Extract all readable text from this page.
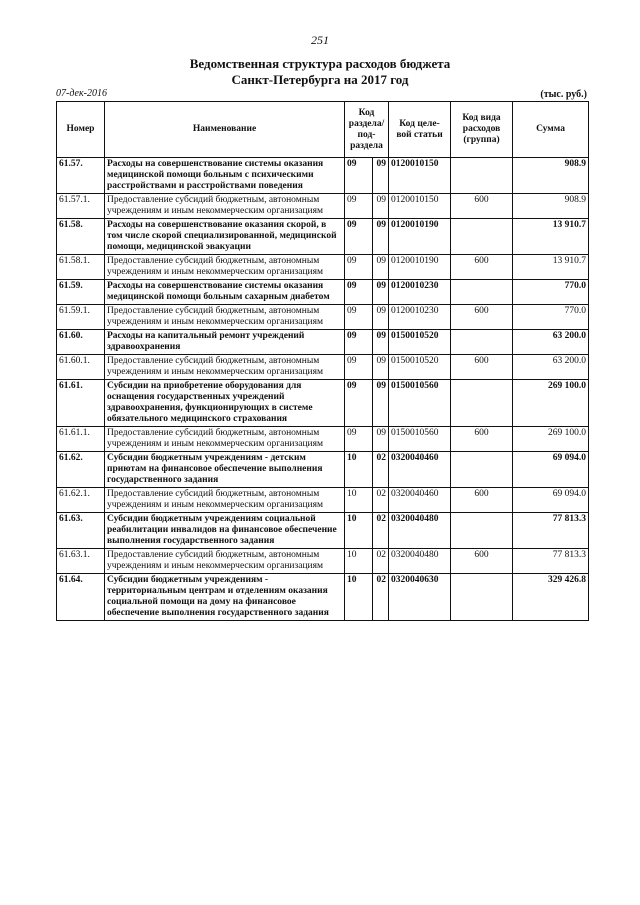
251
Ведомственная структура расходов бюджета
Санкт-Петербурга на 2017 год
07-дек-2016	(тыс. руб.)
Номер	Наименование	Код раздела/ под- раздела		Код целе- вой статьи	Код вида расходов (группа)	Сумма
61.57.	Расходы на совершенствование системы оказания медицинской помощи больным с психическими расстройствами и расстройствами поведения	09	09	0120010150		908.9
61.57.1.	Предоставление субсидий бюджетным, автономным учреждениям и иным некоммерческим организациям	09	09	0120010150	600	908.9
61.58.	Расходы на совершенствование оказания скорой, в том числе скорой специализированной, медицинской помощи, медицинской эвакуации	09	09	0120010190		13 910.7
61.58.1.	Предоставление субсидий бюджетным, автономным учреждениям и иным некоммерческим организациям	09	09	0120010190	600	13 910.7
61.59.	Расходы на совершенствование системы оказания медицинской помощи больным сахарным диабетом	09	09	0120010230		770.0
61.59.1.	Предоставление субсидий бюджетным, автономным учреждениям и иным некоммерческим организациям	09	09	0120010230	600	770.0
61.60.	Расходы на капитальный ремонт учреждений здравоохранения	09	09	0150010520		63 200.0
61.60.1.	Предоставление субсидий бюджетным, автономным учреждениям и иным некоммерческим организациям	09	09	0150010520	600	63 200.0
61.61.	Субсидии на приобретение оборудования для оснащения государственных учреждений здравоохранения, функционирующих в системе обязательного медицинского страхования	09	09	0150010560		269 100.0
61.61.1.	Предоставление субсидий бюджетным, автономным учреждениям и иным некоммерческим организациям	09	09	0150010560	600	269 100.0
61.62.	Субсидии бюджетным учреждениям - детским приютам на финансовое обеспечение выполнения государственного задания	10	02	0320040460		69 094.0
61.62.1.	Предоставление субсидий бюджетным, автономным учреждениям и иным некоммерческим организациям	10	02	0320040460	600	69 094.0
61.63.	Субсидии бюджетным учреждениям социальной реабилитации инвалидов на финансовое обеспечение выполнения государственного задания	10	02	0320040480		77 813.3
61.63.1.	Предоставление субсидий бюджетным, автономным учреждениям и иным некоммерческим организациям	10	02	0320040480	600	77 813.3
61.64.	Субсидии бюджетным учреждениям - территориальным центрам и отделениям оказания социальной помощи на дому на финансовое обеспечение выполнения государственного задания	10	02	0320040630		329 426.8
